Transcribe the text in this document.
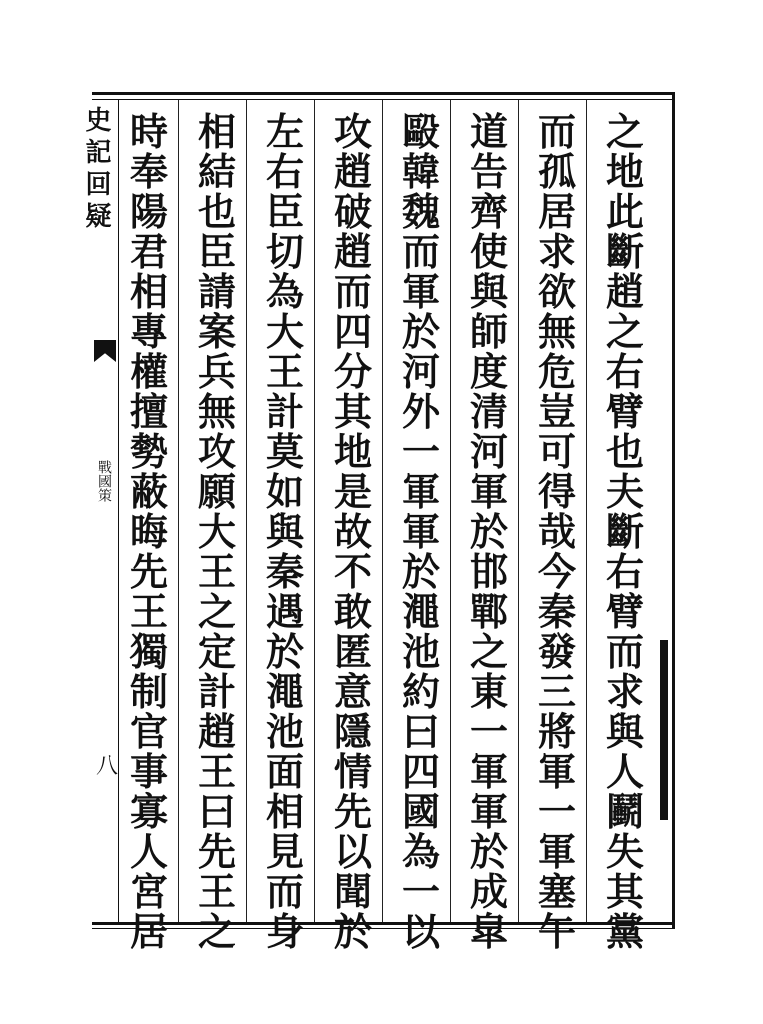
史記回疑
戰國策
八
之
地
此
斷
趙
之
右
臂
也
夫
斷
右
臂
而
求
與
人
鬬
失
其
黨
而
孤
居
求
欲
無
危
豈
可
得
哉
今
秦
發
三
將
軍
一
軍
塞
午
道
告
齊
使
與
師
度
清
河
軍
於
邯
鄲
之
東
一
軍
軍
於
成
皐
毆
韓
魏
而
軍
於
河
外
一
軍
軍
於
澠
池
約
曰
四
國
為
一
以
攻
趙
破
趙
而
四
分
其
地
是
故
不
敢
匿
意
隱
情
先
以
聞
於
左
右
臣
切
為
大
王
計
莫
如
與
秦
遇
於
澠
池
面
相
見
而
身
相
結
也
臣
請
案
兵
無
攻
願
大
王
之
定
計
趙
王
曰
先
王
之
時
奉
陽
君
相
專
權
擅
勢
蔽
晦
先
王
獨
制
官
事
寡
人
宮
居
